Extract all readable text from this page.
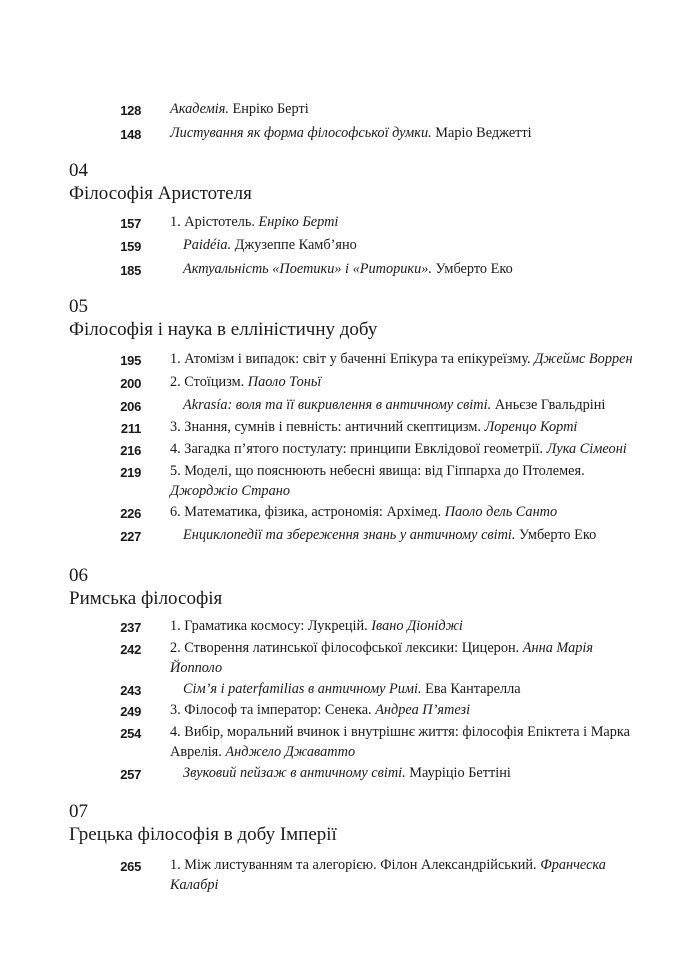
128 Академія. Енріко Берті
148 Листування як форма філософської думки. Маріо Веджетті
04
Філософія Аристотеля
157 1. Арістотель. Енріко Берті
159	Paidéia. Джузеппе Камб’яно
185	Актуальність «Поетики» і «Риторики». Умберто Еко
05
Філософія і наука в елліністичну добу
195 1. Атомізм і випадок: світ у баченні Епікура та епікуреїзму. Джеймс Воррен
200 2. Стоїцизм. Паоло Тоньї
206	Akrasía: воля та її викривлення в античному світі. Аньєзе Гвальдріні
211 3. Знання, сумнів і певність: античний скептицизм. Лоренцо Корті
216 4. Загадка п’ятого постулату: принципи Евклідової геометрії. Лука Сімеоні
219 5. Моделі, що пояснюють небесні явища: від Гіппарха до Птолемея. Джорджіо Страно
226 6. Математика, фізика, астрономія: Архімед. Паоло дель Санто
227	Енциклопедії та збереження знань у античному світі. Умберто Еко
06
Римська філософія
237 1. Граматика космосу: Лукрецій. Івано Діоніджі
242 2. Створення латинської філософської лексики: Цицерон. Анна Марія Йопполо
243	Сім’я і paterfamilias в античному Римі. Ева Кантарелла
249 3. Філософ та імператор: Сенека. Андреа П’ятезі
254 4. Вибір, моральний вчинок і внутрішнє життя: філософія Епіктета і Марка Аврелія. Анджело Джаватто
257	Звуковий пейзаж в античному світі. Мауріціо Беттіні
07
Грецька філософія в добу Імперії
265 1. Між листуванням та алегорією. Філон Александрійський. Франческа Калабрі
